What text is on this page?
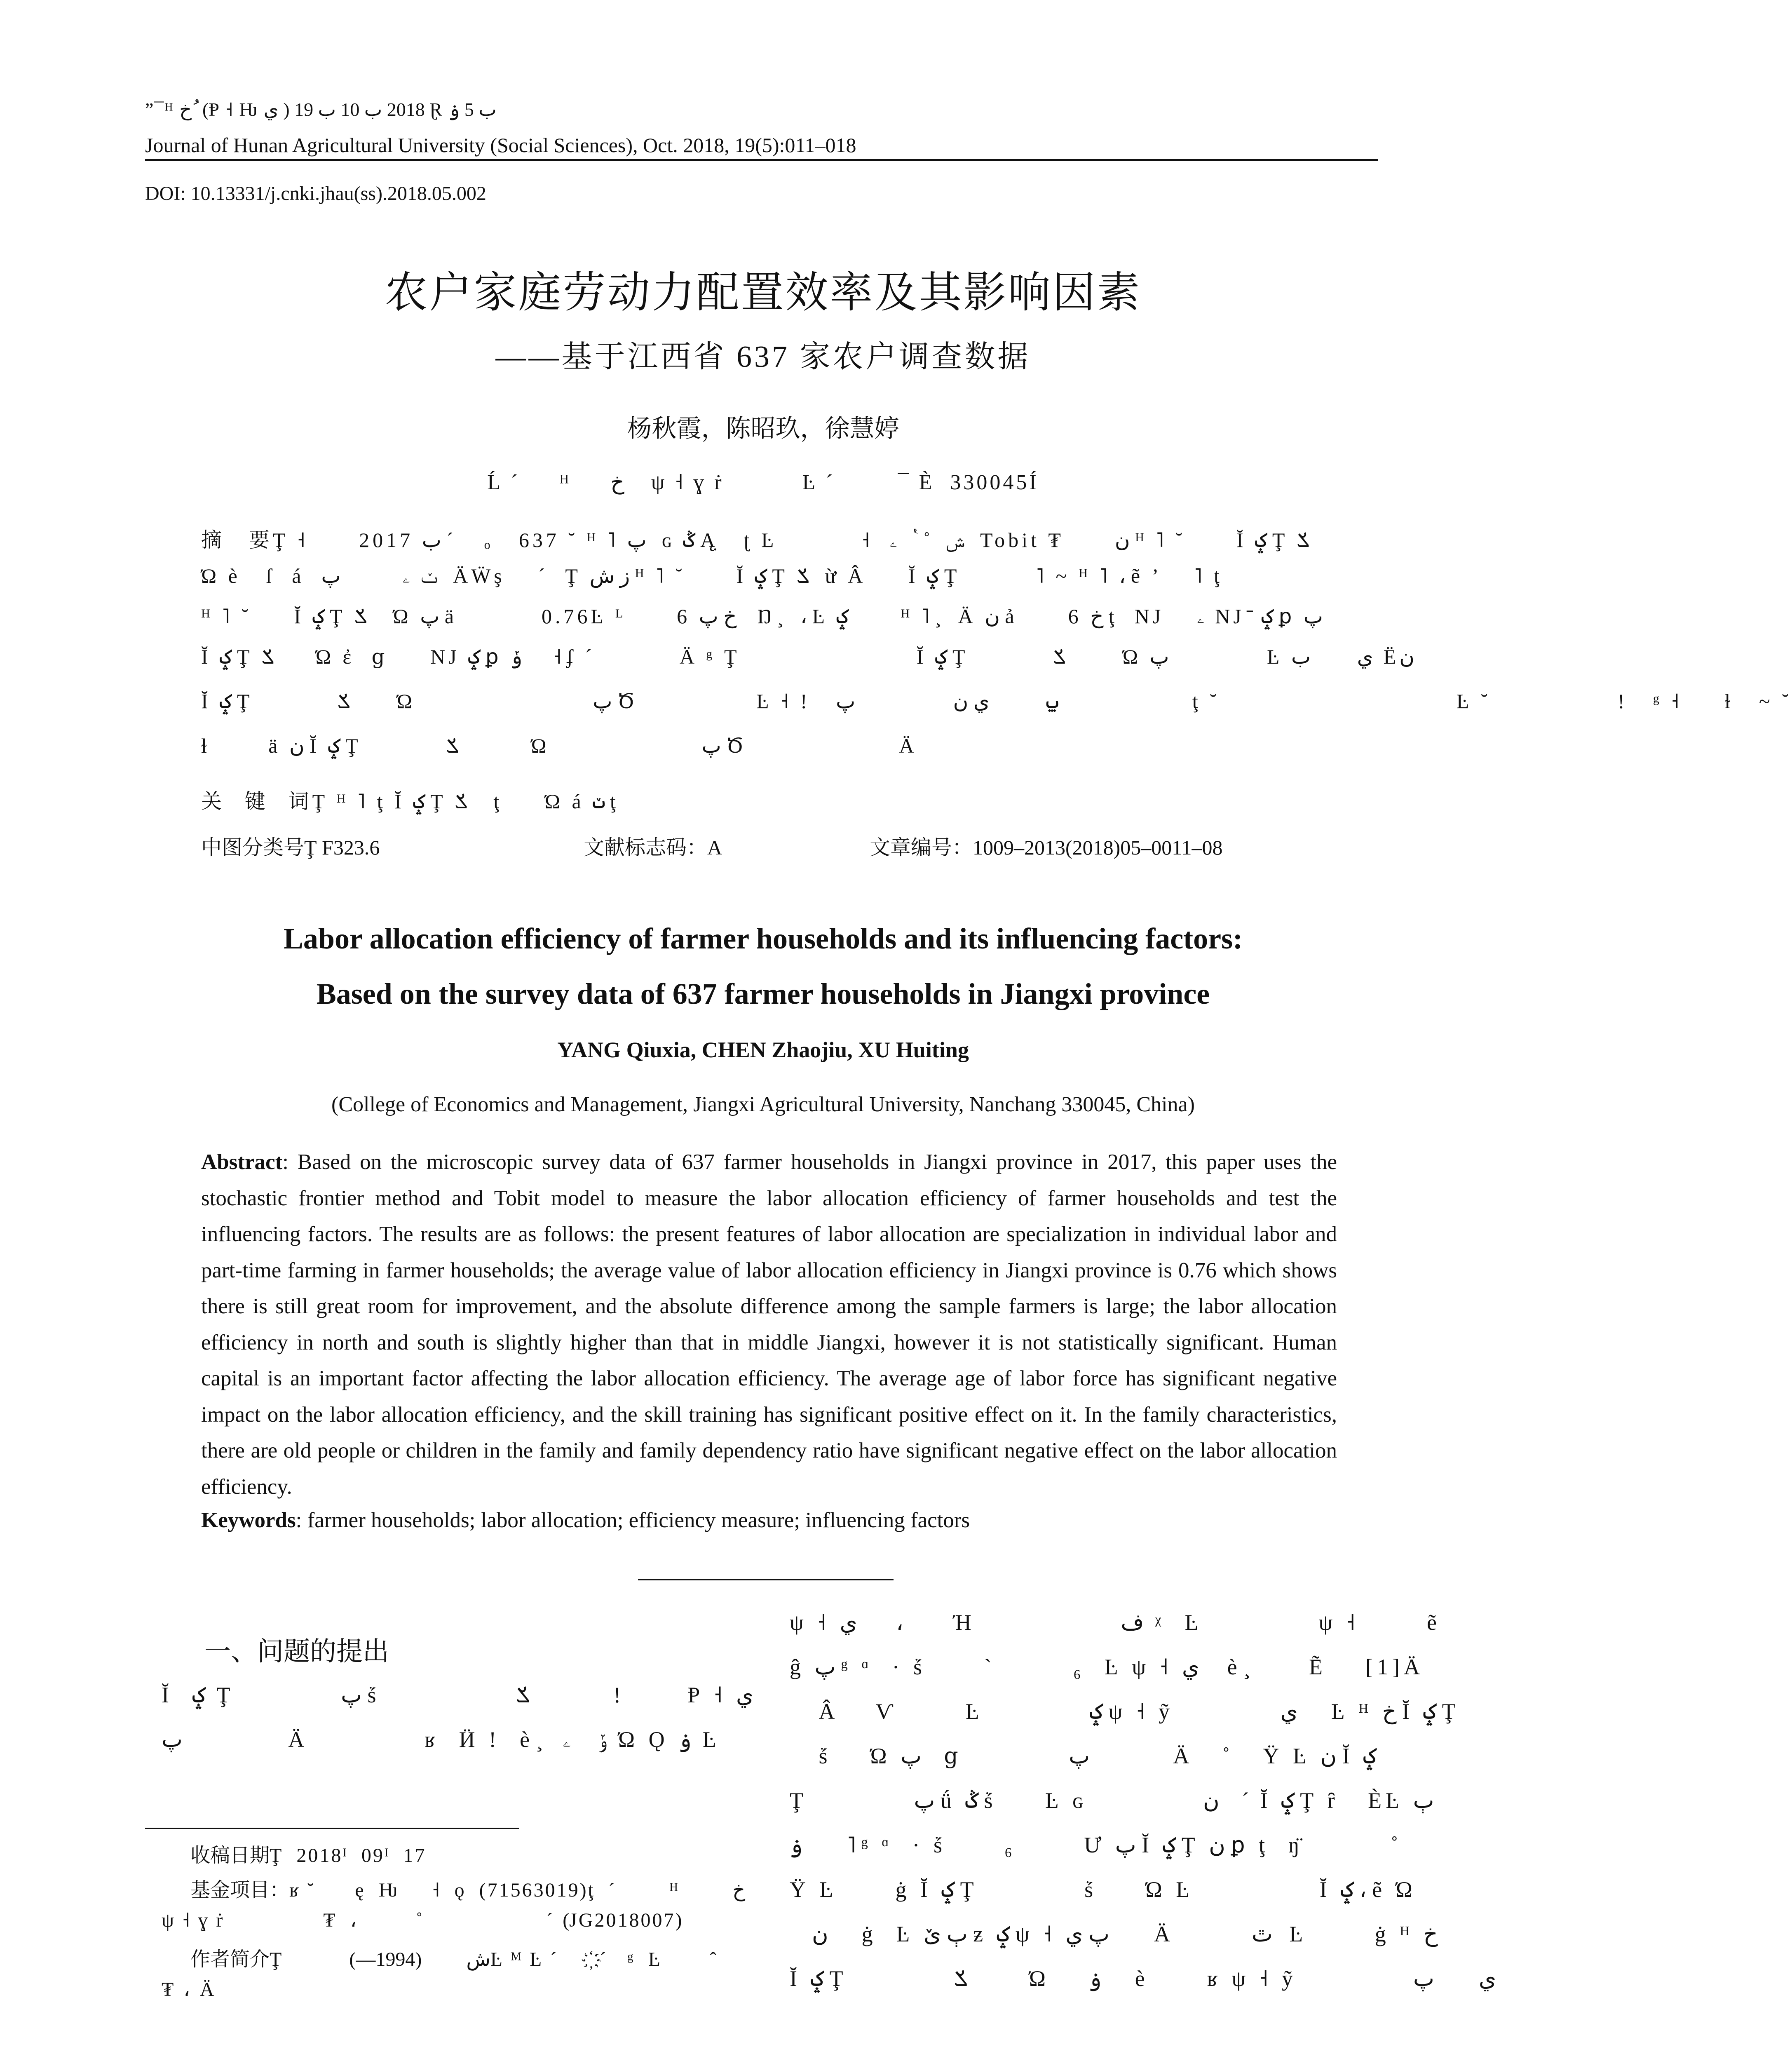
”¯ᴴ خ ُ (Ᵽ ˧ Ƕ ي ) 2018 ب 10 ب 19 Ɽ ب 5 ۏ
Journal of Hunan Agricultural University (Social Sciences), Oct. 2018, 19(5):011–018
DOI: 10.13331/j.cnki.jhau(ss).2018.05.002
农户家庭劳动力配置效率及其影响因素
——基于江西省 637 家农户调查数据
杨秋霞，陈昭玖，徐慧婷
Ĺ ´     ᴴ     خ     ψ ˧ ɣ ṙ          Ŀ ´        ¯ È  330045Í
摘　要Ţ ˧      2017 ب ´      ₒ   637 ˘ ᴴ ˥ پ   ɢ ݣ Ą̣   ʈ Ŀ          ˧  ش   ˚  ٝ   ۦ   Tobit ₮      ن ᴴ ˥ ˘      Ĭ ݤ Ţ ݎ
Ώ è   ſ  á  ݖ  ۦ            پ   ÄẄş ⃞ ´  Ţ ز ش ᴴ ˥ ˘      Ĭ ݤ Ţ ݎ   ừ Â     Ĭ ݤ Ţ         ˥ ~ ᴴ ˥ ، ẽ ’    ˥ ţ
ᴴ ˥ ˘     Ĭ ݤ Ţ ݎ     Ώ پ ä          0.76Ŀ ᴸ      6 خ پ    Ŋ ̧  ، Ŀ ݤ      ⃞ ᴴ ˥ ̧  Ä ن ả      6 خ ţ  NJ ⃞ ۦ  NJ ̄ ݤ ꝑ پ
Ĭ ݤ Ţ ݎ        Ώ ἐ  ց     NJ ݤ ꝑ ݸ      ˧ ʄ ´          Ä ᵍ Ţ     ⃞              Ĭ ݤ Ţ          ݎ           Ώ پ                   Ŀ ي         ب  Ёن
Ĭ ݤ Ţ          ݎ         Ώ                     پ Ծ              Ŀ ˧ ǃ   ݐ           ي ن                   پ                          ţ ˘                            Ŀ ˘               ǃ   ᵍ ˧     ɫ   ~ ˘
ɫ    ⃞ ä ن Ĭ ݤ Ţ          ݎ              Ώ                  پ Ծ                  Ä
关  键  词Ţ ᴴ ˥ ţ Ĭ ݤ Ţ ݎ     ţ     Ώ á ݖ ţ
中图分类号Ţ F323.6	文献标志码：A	文章编号：1009–2013(2018)05–0011–08
Labor allocation efficiency of farmer households and its influencing factors:
Based on the survey data of 637 farmer households in Jiangxi province
YANG Qiuxia, CHEN Zhaojiu, XU Huiting
(College of Economics and Management, Jiangxi Agricultural University, Nanchang 330045, China)
Abstract: Based on the microscopic survey data of 637 farmer households in Jiangxi province in 2017, this paper uses the stochastic frontier method and Tobit model to measure the labor allocation efficiency of farmer households and test the influencing factors. The results are as follows: the present features of labor allocation are specialization in individual labor and part-time farming in farmer households; the average value of labor allocation efficiency in Jiangxi province is 0.76 which shows there is still great room for improvement, and the absolute difference among the sample farmers is large; the labor allocation efficiency in north and south is slightly higher than that in middle Jiangxi, however it is not statistically significant. Human capital is an important factor affecting the labor allocation efficiency. The average age of labor force has significant negative impact on the labor allocation efficiency, and the skill training has significant positive effect on it. In the family characteristics, there are old people or children in the family and family dependency ratio have significant negative effect on the labor allocation efficiency.
Keywords: farmer households; labor allocation; efficiency measure; influencing factors
一、问题的提出
Ĭ  ݤ  Ţ           پ ṥ              ݎ               !            Ᵽ ˧ ي
پ                   Ä            ʁ  Ӥ !  è ̧  ݸ     ۦ  Ώ Ǫ ۏ  Ŀ
ψ ˧ ي       ،         Ή               ف  ᵡ  Ŀ            ψ ˧       ẽ
ĝ پ ᵍ ᵅ  · ṥ      `        ₆  Ŀ ψ ˧ ي     è ̧      Ẽ    [1]Ä
Â ⃞ Ѵ       Ŀ           ݤ ψ ˧ ỹ           ي      Ŀ ᴴ خ Ĭ ݤ Ţ
ṥ    Ώ پ    ց           پ               Ä   ˚   Ÿ Ŀ ن Ĭ ݤ
Ţ           پ ǘ ݣ ṥ     Ŀ ɢ            ن    ´  Ĭ ݤ Ţ ȓ   ÈĿ ٻ
ۏ        ˥ ᵍ ᵅ  · ṥ      ₆       Ư پ Ĭ ݤ Ţ ن ꝑ ţ  ŋ̈         ˚
Ÿ Ŀ      ġ Ĭ ݤ Ţ           ṥ     Ώ Ŀ             Ĭ ݤ ، ẽ Ώ
ن      ġ  Ŀ ٻ ێ ƶ ݤ ψ ˧ پ ي        Ä        ٿ   Ŀ       ġ ᴴ خ
Ĭ ݤ Ţ           ݎ           Ώ    ۏ      è      ʁ ψ ˧ ỹ            ي        پ
收稿日期Ţ  2018ᴵ  09ᴵ  17
基金项目：ʁ ˘      ę  Ƕ     ˧  ǫ  (71563019)ţ  ´        ᴴ        خ
ψ ˧ ɣ ṙ               ₮  ،            ˚                         ´  (JG2018007)
作者简介Ţ          ش         (1994—)Ŀ ᴹ Ŀ ´     ҉ ´   ᵍ  Ŀ        ̂
₮  ،  Ä
